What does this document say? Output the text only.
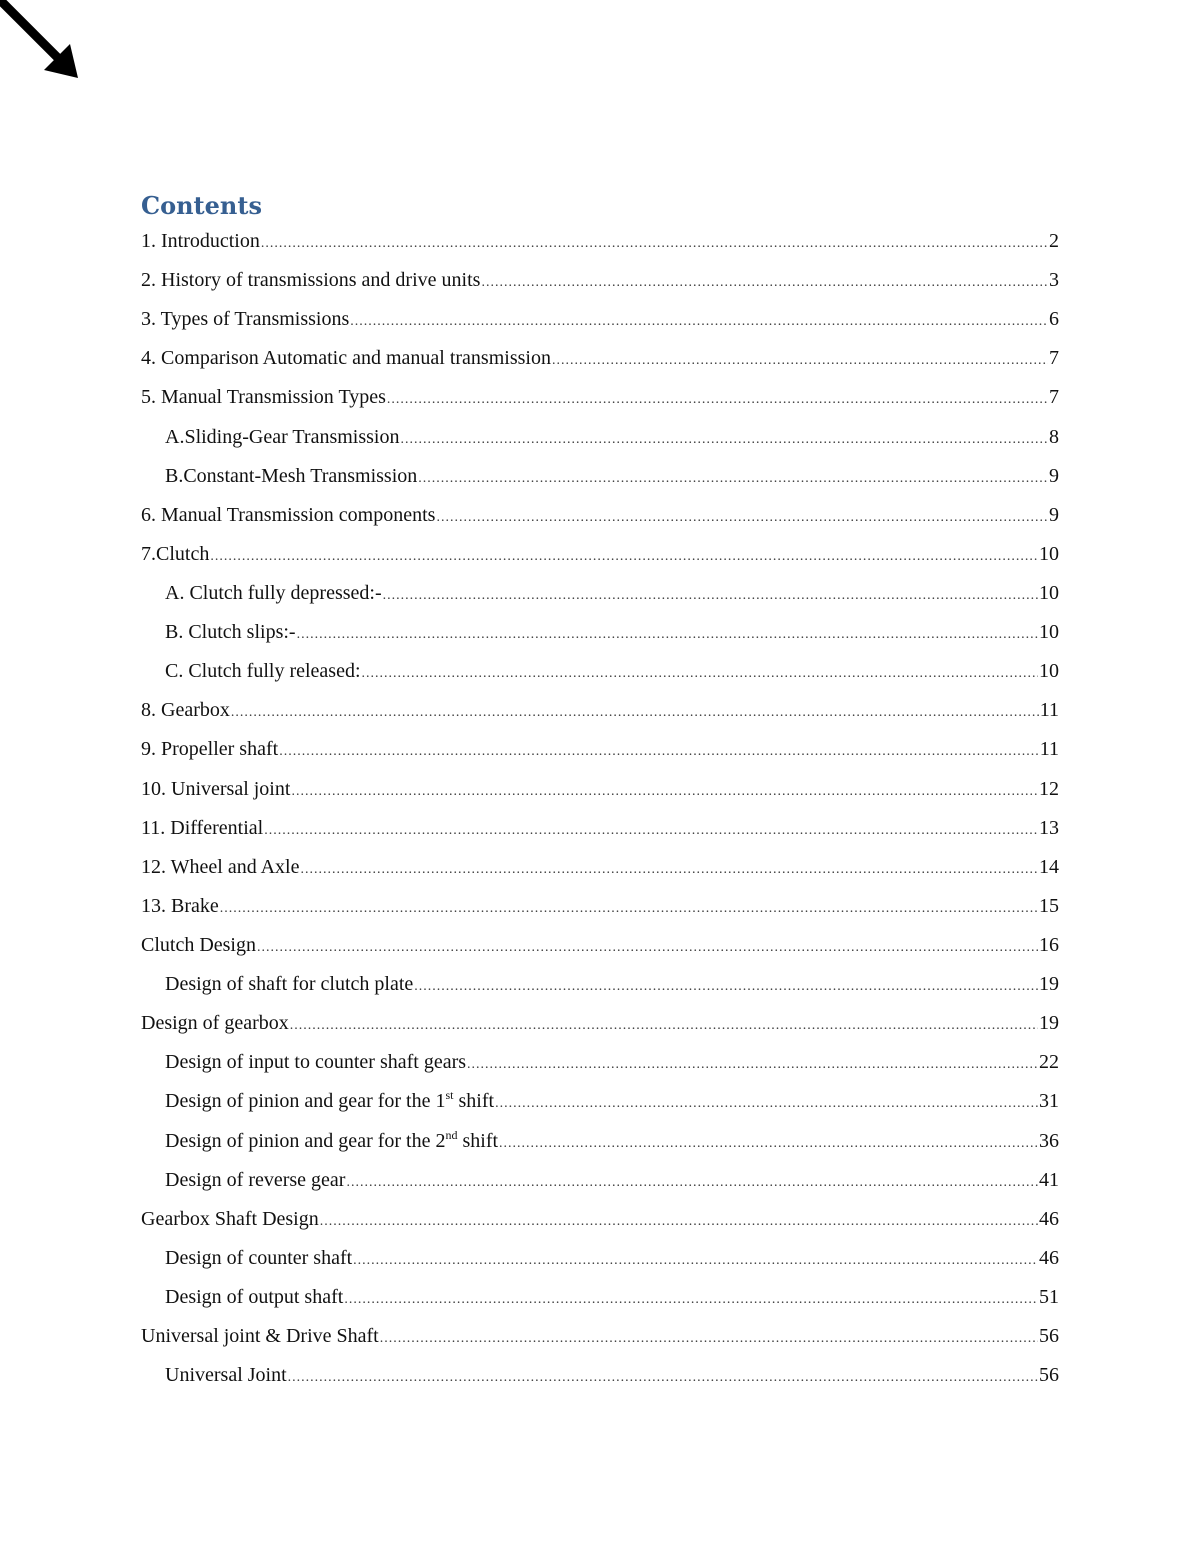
Contents
1. Introduction .....	2
2. History of transmissions and drive units .....	3
3. Types of Transmissions .....	6
4. Comparison Automatic and manual transmission .....	7
5. Manual Transmission Types .....	7
A.Sliding-Gear Transmission .....	8
B.Constant-Mesh Transmission .....	9
6. Manual Transmission components .....	9
7.Clutch .....	10
A. Clutch fully depressed:- .....	10
B. Clutch slips:- .....	10
C. Clutch fully released: .....	10
8. Gearbox .....	11
9. Propeller shaft .....	11
10. Universal joint .....	12
11. Differential .....	13
12. Wheel and Axle .....	14
13. Brake .....	15
Clutch Design .....	16
Design of shaft for clutch plate .....	19
Design of gearbox .....	19
Design of input to counter shaft gears .....	22
Design of pinion and gear for the 1st shift .....	31
Design of pinion and gear for the 2nd shift .....	36
Design of reverse gear .....	41
Gearbox Shaft Design .....	46
Design of counter shaft .....	46
Design of output shaft .....	51
Universal joint & Drive Shaft .....	56
Universal Joint .....	56
